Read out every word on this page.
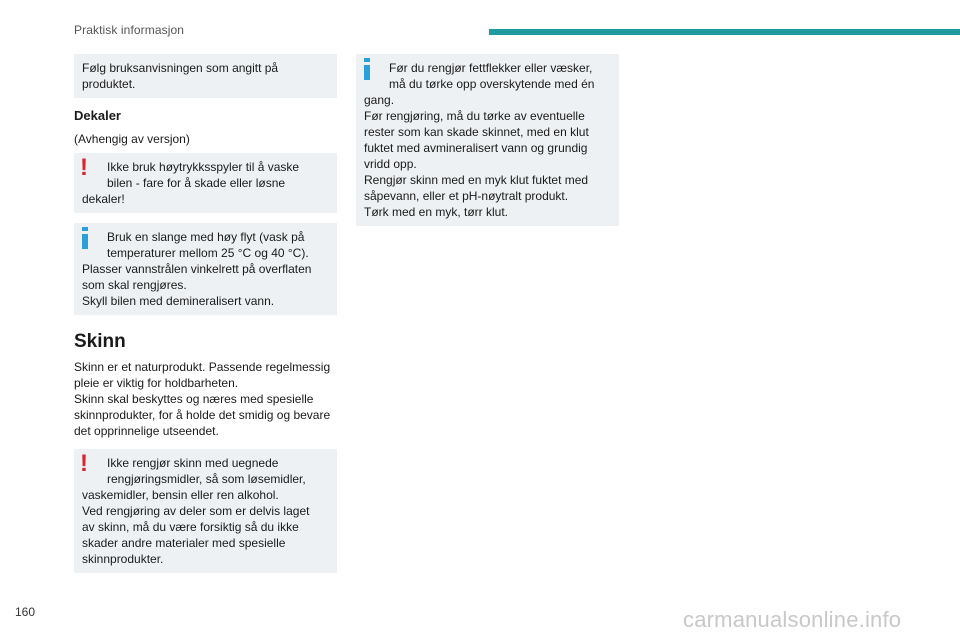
Praktisk informasjon
Følg bruksanvisningen som angitt på
produktet.
Dekaler
(Avhengig av versjon)
!	Ikke bruk høytrykksspyler til å vaske
bilen - fare for å skade eller løsne
dekaler!
Bruk en slange med høy flyt (vask på
temperaturer mellom 25 °C og 40 °C).
Plasser vannstrålen vinkelrett på overflaten
som skal rengjøres.
Skyll bilen med demineralisert vann.
Skinn
Skinn er et naturprodukt. Passende regelmessig
pleie er viktig for holdbarheten.
Skinn skal beskyttes og næres med spesielle
skinnprodukter, for å holde det smidig og bevare
det opprinnelige utseendet.
!	Ikke rengjør skinn med uegnede
rengjøringsmidler, så som løsemidler,
vaskemidler, bensin eller ren alkohol.
Ved rengjøring av deler som er delvis laget
av skinn, må du være forsiktig så du ikke
skader andre materialer med spesielle
skinnprodukter.
Før du rengjør fettflekker eller væsker,
må du tørke opp overskytende med én
gang.
Før rengjøring, må du tørke av eventuelle
rester som kan skade skinnet, med en klut
fuktet med avmineralisert vann og grundig
vridd opp.
Rengjør skinn med en myk klut fuktet med
såpevann, eller et pH-nøytralt produkt.
Tørk med en myk, tørr klut.
160	carmanualsonline.info
